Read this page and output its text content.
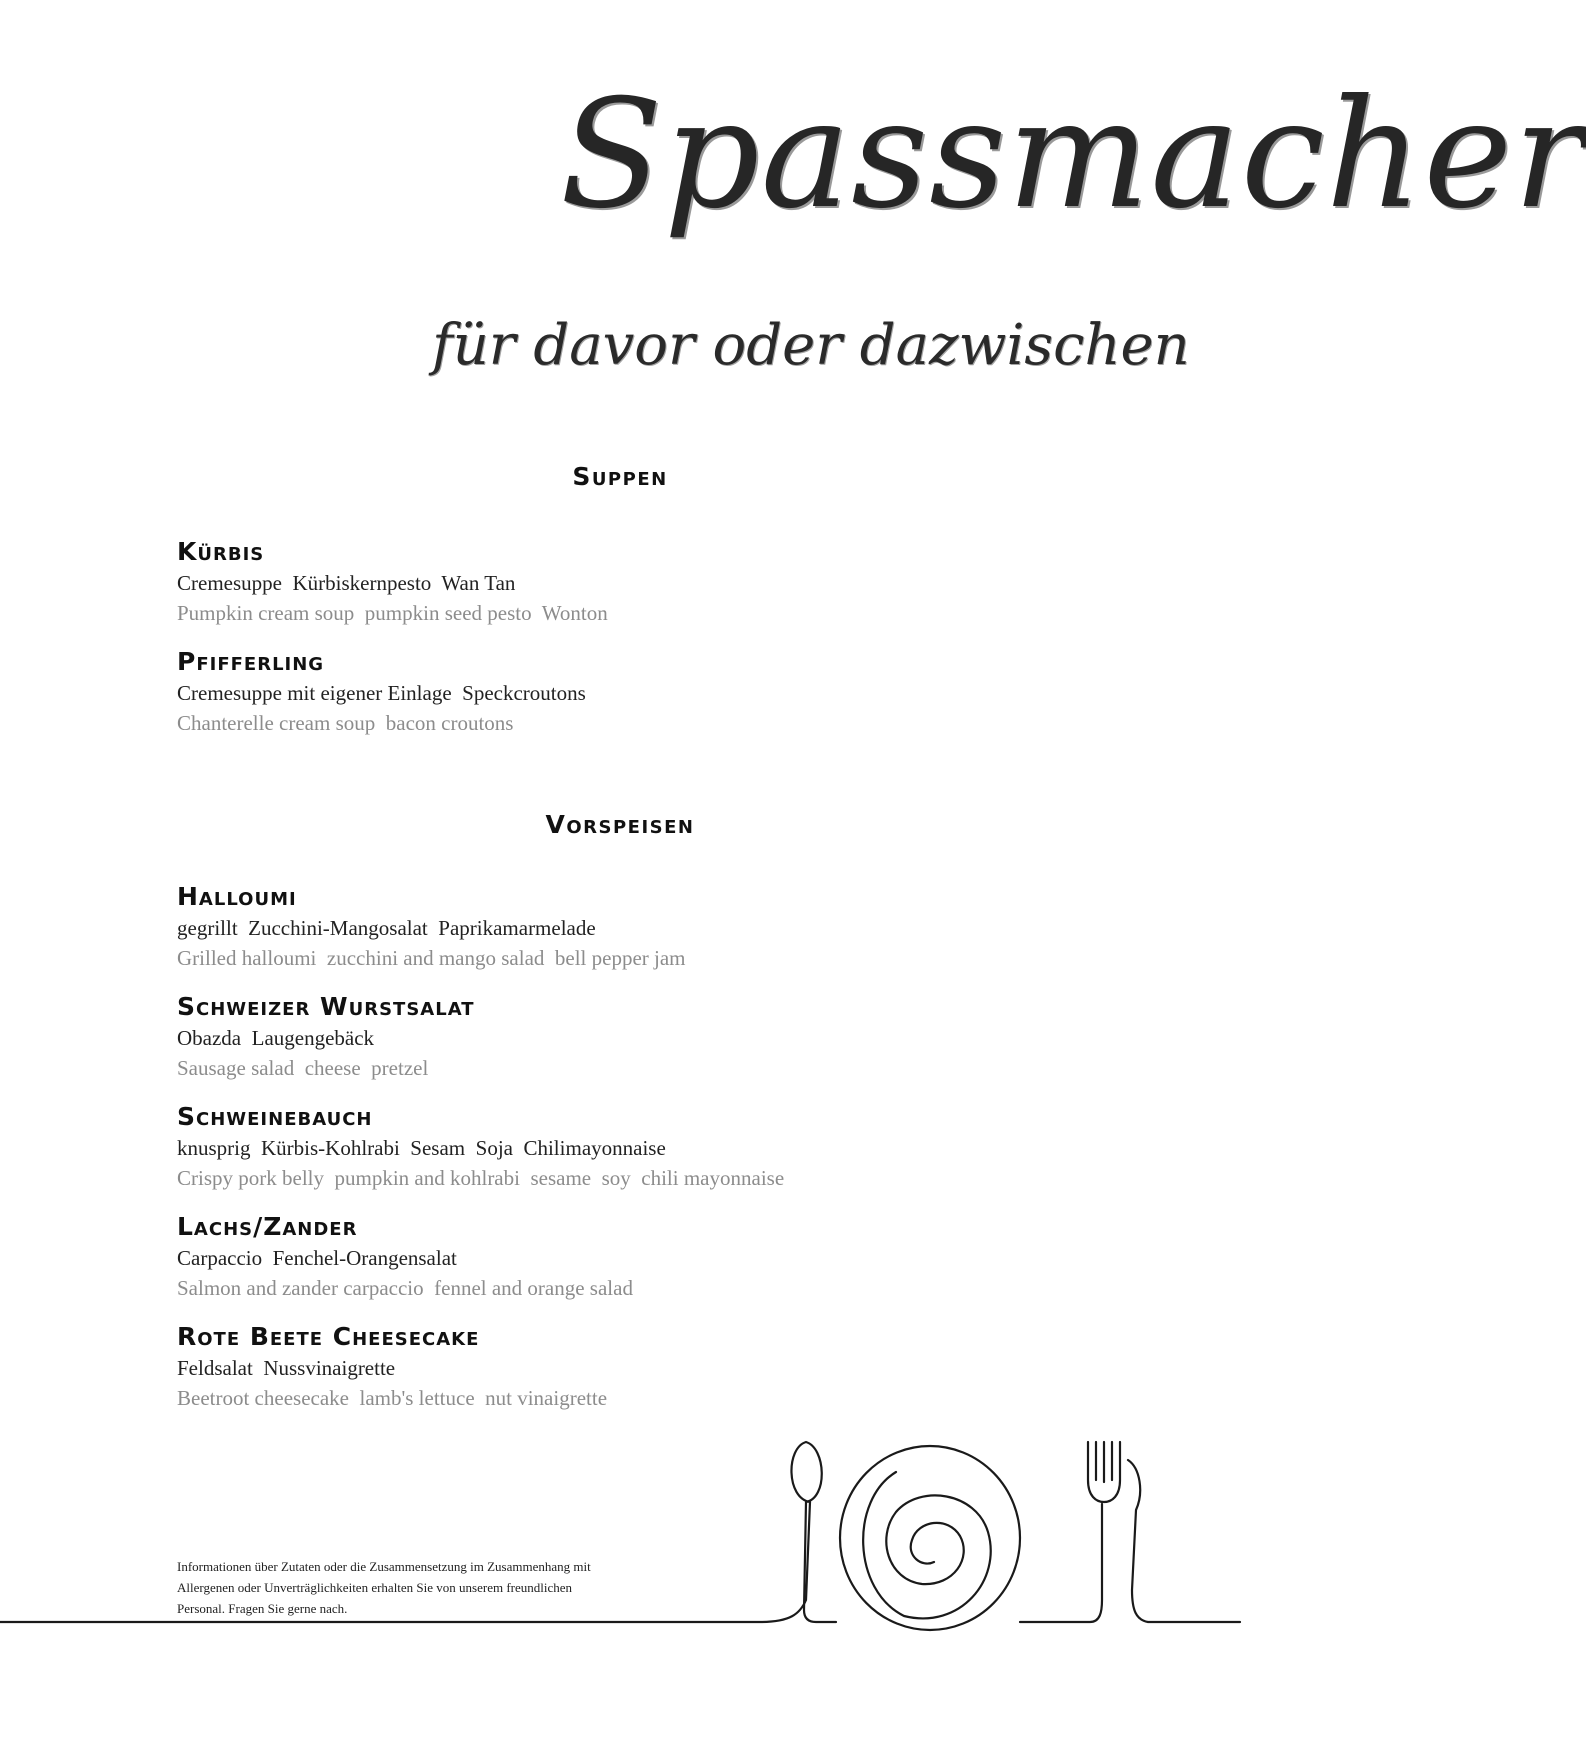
Spassmacher
für davor oder dazwischen
Suppen
Kürbis
Cremesuppe  Kürbiskernpesto  Wan Tan
Pumpkin cream soup  pumpkin seed pesto  Wonton
Pfifferling
Cremesuppe mit eigener Einlage  Speckcroutons
Chanterelle cream soup  bacon croutons
Vorspeisen
Halloumi
gegrillt  Zucchini-Mangosalat  Paprikamarmelade
Grilled halloumi  zucchini and mango salad  bell pepper jam
Schweizer Wurstsalat
Obazda  Laugengebäck
Sausage salad  cheese  pretzel
Schweinebauch
knusprig  Kürbis-Kohlrabi  Sesam  Soja  Chilimayonnaise
Crispy pork belly  pumpkin and kohlrabi  sesame  soy  chili mayonnaise
Lachs/Zander
Carpaccio  Fenchel-Orangensalat
Salmon and zander carpaccio  fennel and orange salad
Rote Beete Cheesecake
Feldsalat  Nussvinaigrette
Beetroot cheesecake  lamb's lettuce  nut vinaigrette
Informationen über Zutaten oder die Zusammensetzung im Zusammenhang mit
Allergenen oder Unverträglichkeiten erhalten Sie von unserem freundlichen
Personal. Fragen Sie gerne nach.
